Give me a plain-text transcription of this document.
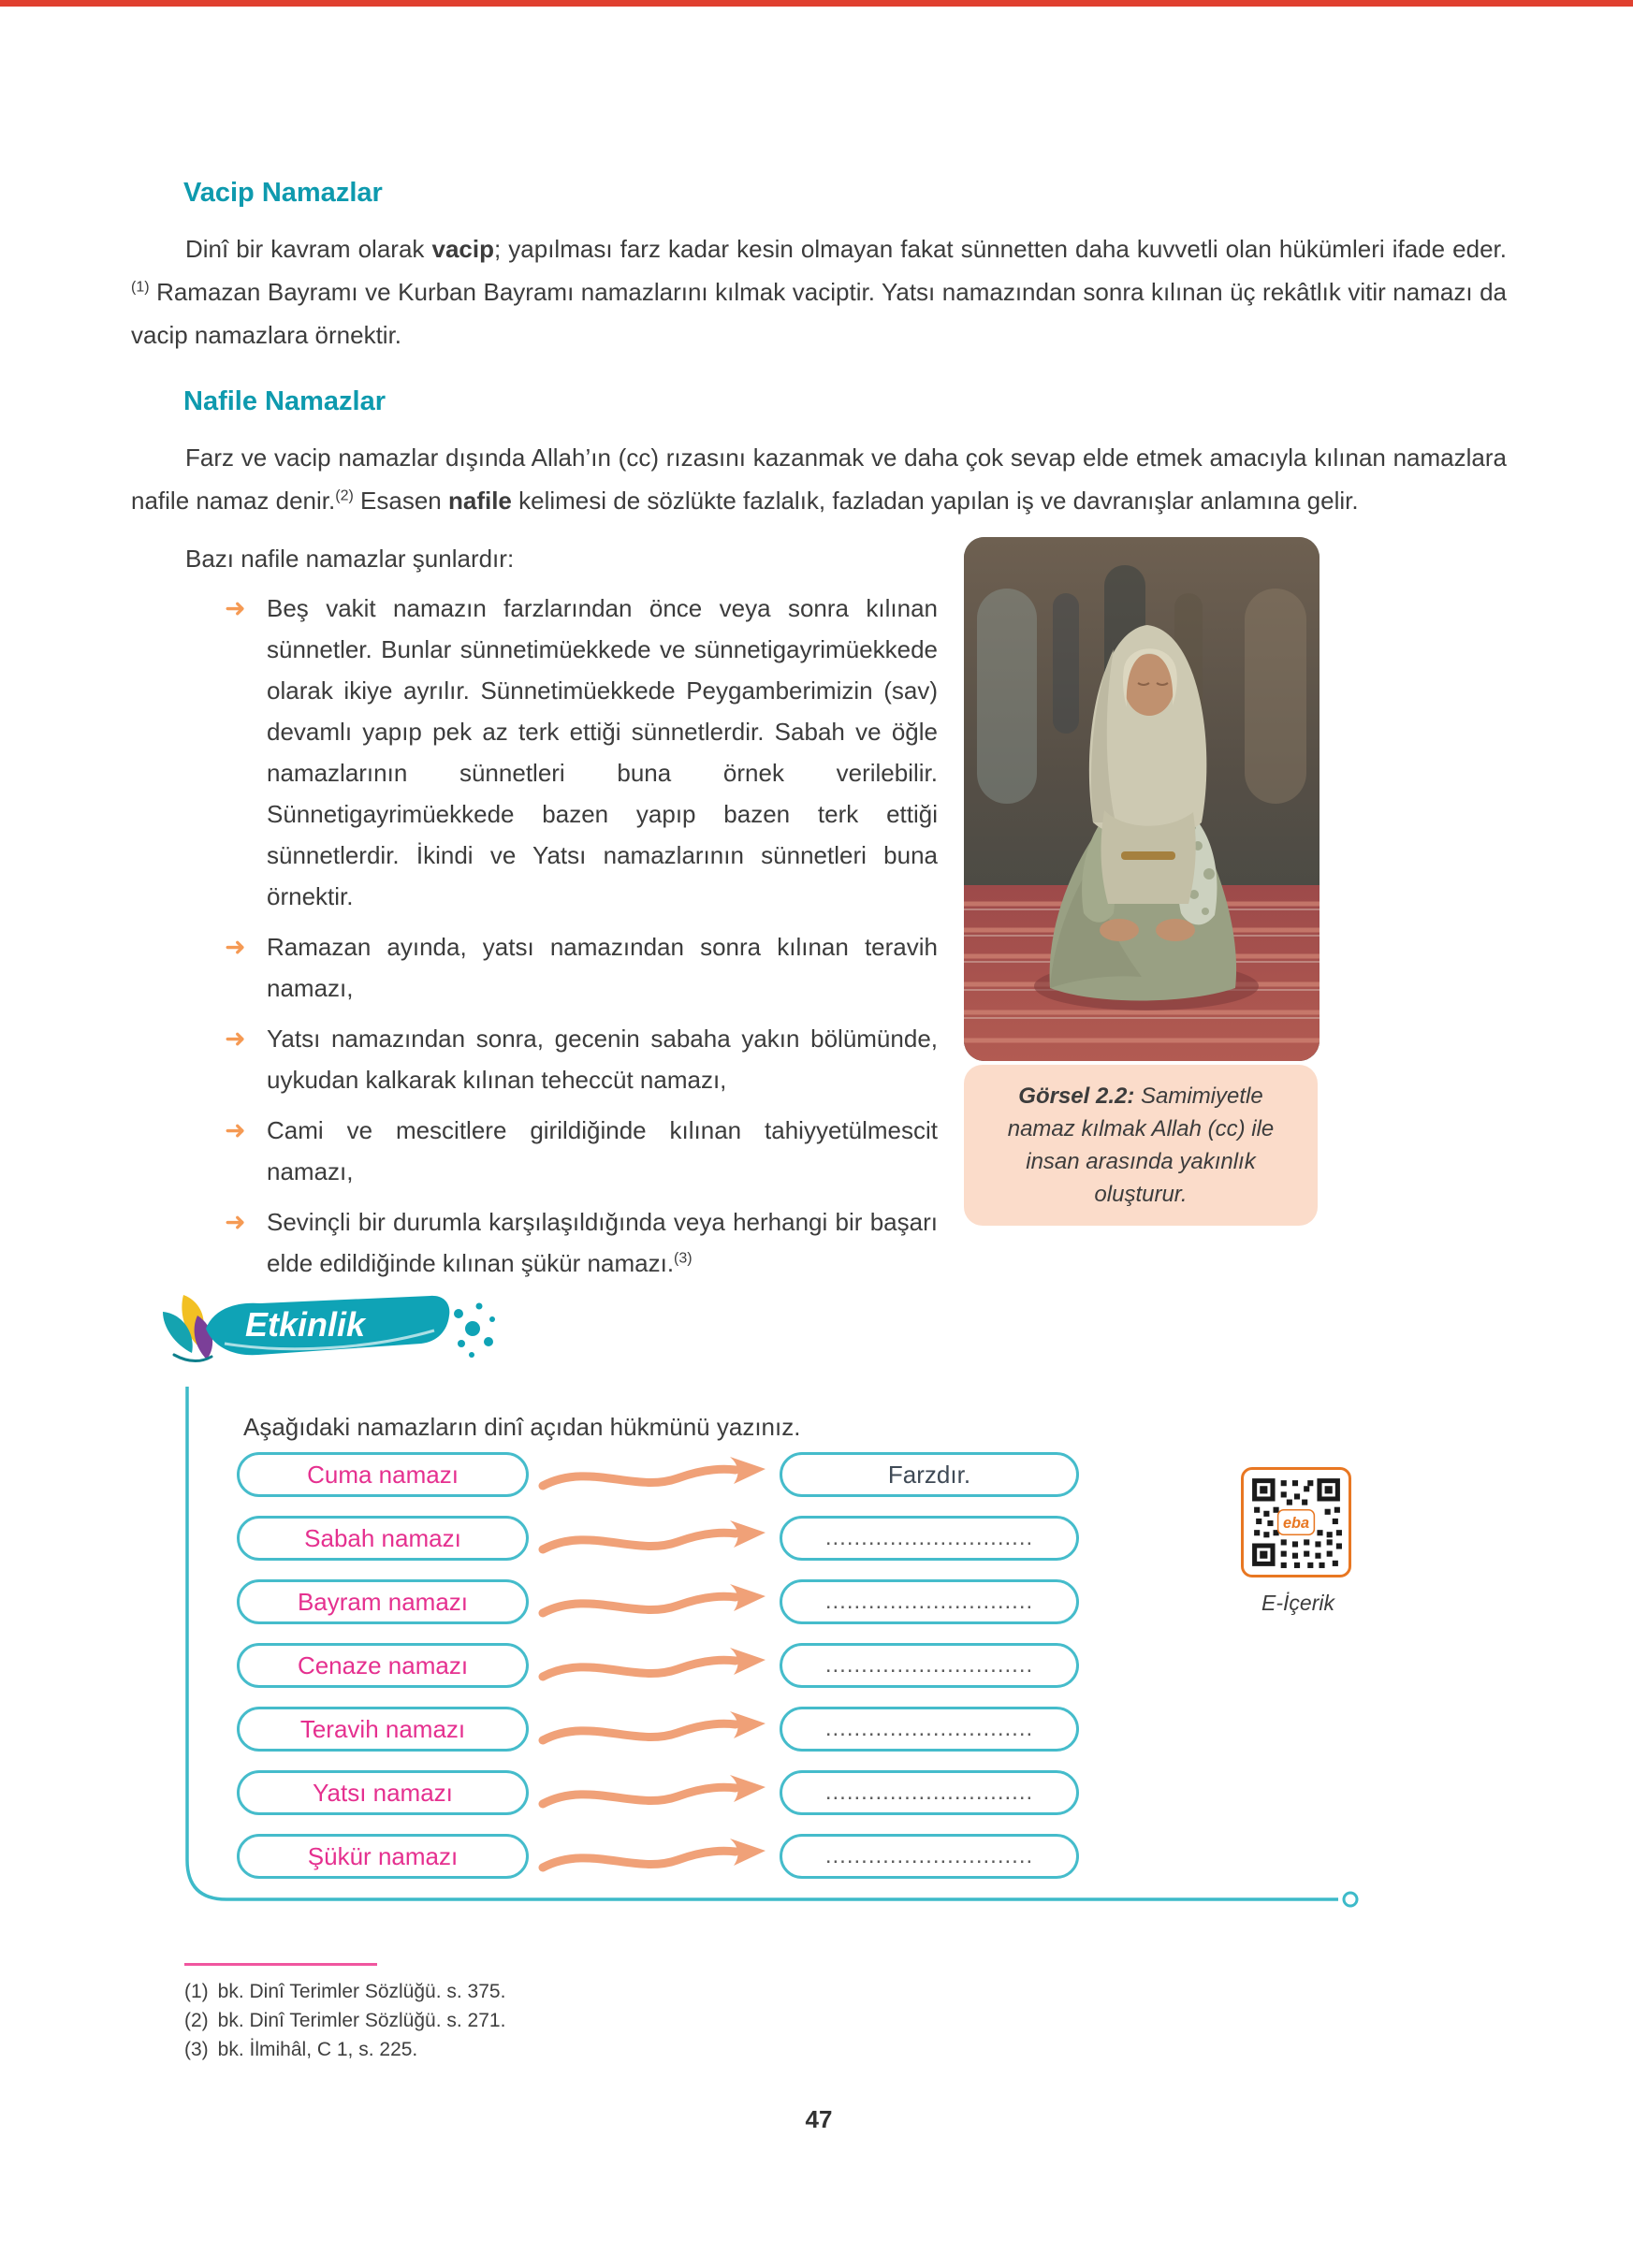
Vacip Namazlar

Dinî bir kavram olarak vacip; yapılması farz kadar kesin olmayan fakat sünnetten daha kuvvetli olan hükümleri ifade eder.$^{(1)}$ Ramazan Bayramı ve Kurban Bayramı namazlarını kılmak vaciptir. Yatsı namazından sonra kılınan üç rekâtlık vitir namazı da vacip namazlara örnektir.

Nafile Namazlar

Farz ve vacip namazlar dışında Allah’ın (cc) rızasını kazanmak ve daha çok sevap elde etmek amacıyla kılınan namazlara nafile namaz denir.$^{(2)}$ Esasen nafile kelimesi de sözlükte fazlalık, fazladan yapılan iş ve davranışlar anlamına gelir.

Bazı nafile namazlar şunlardır:

➜ Beş vakit namazın farzlarından önce veya sonra kılınan sünnetler. Bunlar sünnetimüekkede ve sünnetigayrimüekkede olarak ikiye ayrılır. Sünnetimüekkede Peygamberimizin (sav) devamlı yapıp pek az terk ettiği sünnetlerdir. Sabah ve öğle namazlarının sünnetleri buna örnek verilebilir. Sünnetigayrimüekkede bazen yapıp bazen terk ettiği sünnetlerdir. İkindi ve Yatsı namazlarının sünnetleri buna örnektir.
➜ Ramazan ayında, yatsı namazından sonra kılınan teravih namazı,
➜ Yatsı namazından sonra, gecenin sabaha yakın bölümünde, uykudan kalkarak kılınan teheccüt namazı,
➜ Cami ve mescitlere girildiğinde kılınan tahiyyetülmescit namazı,
➜ Sevinçli bir durumla karşılaşıldığında veya herhangi bir başarı elde edildiğinde kılınan şükür namazı.$^{(3)}$
Görsel 2.2: Samimiyetle namaz kılmak Allah (cc) ile insan arasında yakınlık oluşturur.
Etkinlik

Aşağıdaki namazların dinî açıdan hükmünü yazınız.

Cuma namazı	Farzdır.
Sabah namazı	.............................
Bayram namazı	.............................
Cenaze namazı	.............................
Teravih namazı	.............................
Yatsı namazı	.............................
Şükür namazı	.............................
eba
E-İçerik
(1) bk. Dinî Terimler Sözlüğü. s. 375.
(2) bk. Dinî Terimler Sözlüğü. s. 271.
(3) bk. İlmihâl, C 1, s. 225.
47
